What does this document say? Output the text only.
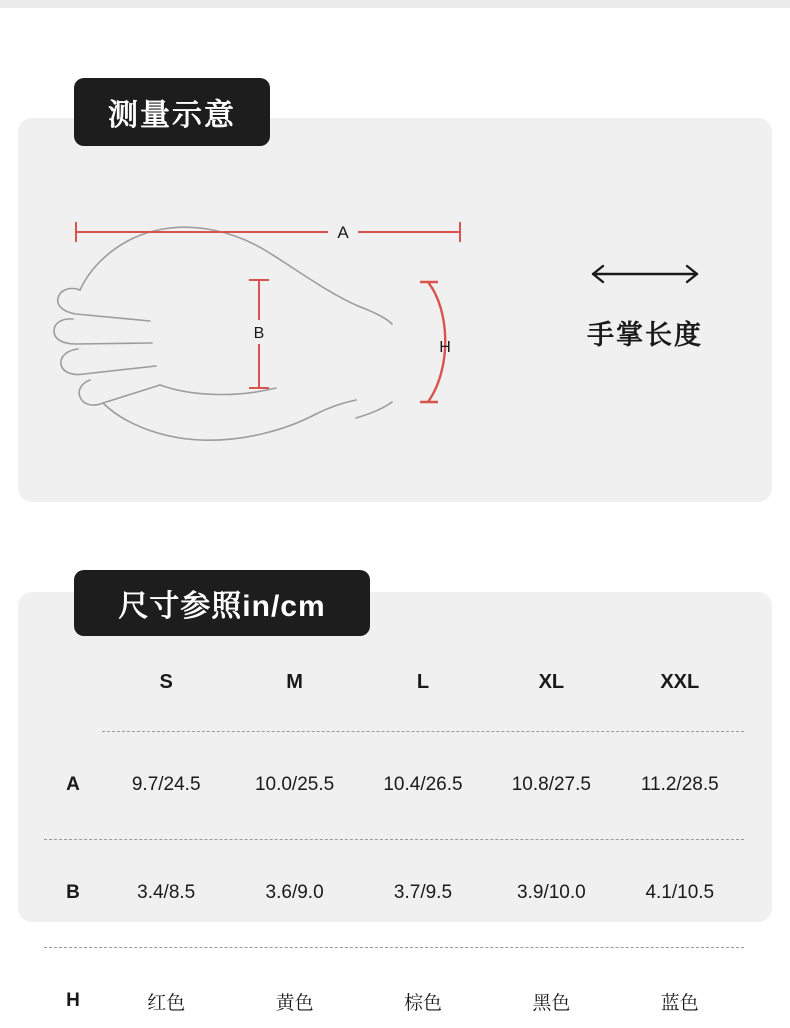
测量示意
A
B
H	手掌长度
尺寸参照in/cm
	S	M	L	XL	XXL

A	9.7/24.5	10.0/25.5	10.4/26.5	10.8/27.5	11.2/28.5

B	3.4/8.5	3.6/9.0	3.7/9.5	3.9/10.0	4.1/10.5

H	红色	黄色	棕色	黑色	蓝色
